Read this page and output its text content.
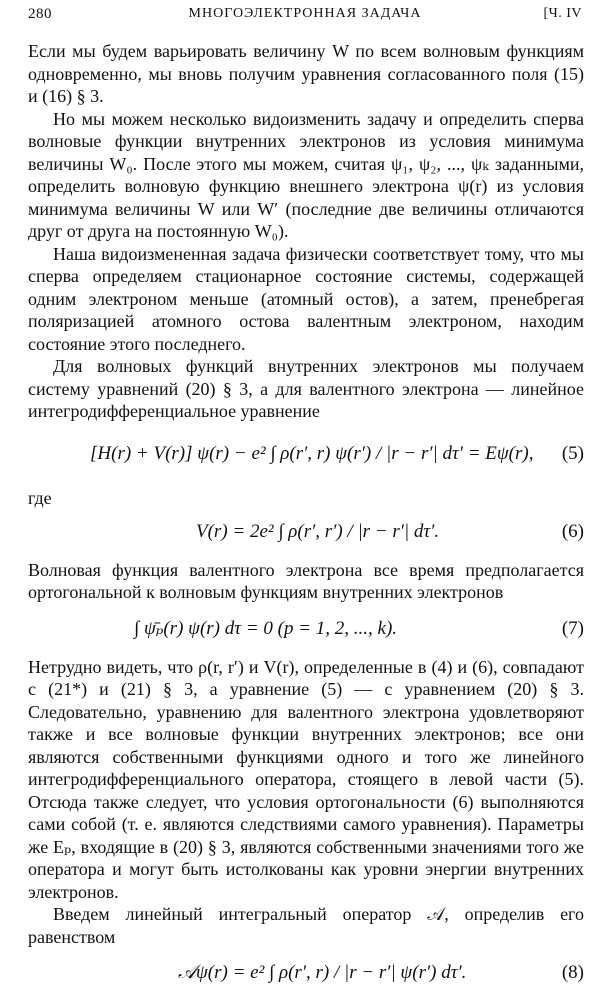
280	МНОГОЭЛЕКТРОННАЯ ЗАДАЧА	[Ч. IV

Если мы будем варьировать величину W по всем волновым функциям одновременно, мы вновь получим уравнения согласованного поля (15) и (16) § 3.

Но мы можем несколько видоизменить задачу и определить сперва волновые функции внутренних электронов из условия минимума величины W₀. После этого мы можем, считая ψ₁, ψ₂, ..., ψₖ заданными, определить волновую функцию внешнего электрона ψ(r) из условия минимума величины W или W′ (последние две величины отличаются друг от друга на постоянную W₀).

Наша видоизмененная задача физически соответствует тому, что мы сперва определяем стационарное состояние системы, содержащей одним электроном меньше (атомный остов), а затем, пренебрегая поляризацией атомного остова валентным электроном, находим состояние этого последнего.

Для волновых функций внутренних электронов мы получаем систему уравнений (20) § 3, а для валентного электрона — линейное интегродифференциальное уравнение

[H(r) + V(r)] ψ(r) − e² ∫ ρ(r′, r) ψ(r′) / |r − r′| dτ′ = Eψ(r), (5)

где

V(r) = 2e² ∫ ρ(r′, r′) / |r − r′| dτ′.	(6)

Волновая функция валентного электрона все время предполагается ортогональной к волновым функциям внутренних электронов

∫ ψ̄ₚ(r) ψ(r) dτ = 0 (p = 1, 2, ..., k).	(7)

Нетрудно видеть, что ρ(r, r′) и V(r), определенные в (4) и (6), совпадают с (21*) и (21) § 3, а уравнение (5) — с уравнением (20) § 3. Следовательно, уравнению для валентного электрона удовлетворяют также и все волновые функции внутренних электронов; все они являются собственными функциями одного и того же линейного интегродифференциального оператора, стоящего в левой части (5). Отсюда также следует, что условия ортогональности (6) выполняются сами собой (т. е. являются следствиями самого уравнения). Параметры же Eₚ, входящие в (20) § 3, являются собственными значениями того же оператора и могут быть истолкованы как уровни энергии внутренних электронов.

Введем линейный интегральный оператор 𝒜, определив его равенством

𝒜ψ(r) = e² ∫ ρ(r′, r) / |r − r′| ψ(r′) dτ′.	(8)
